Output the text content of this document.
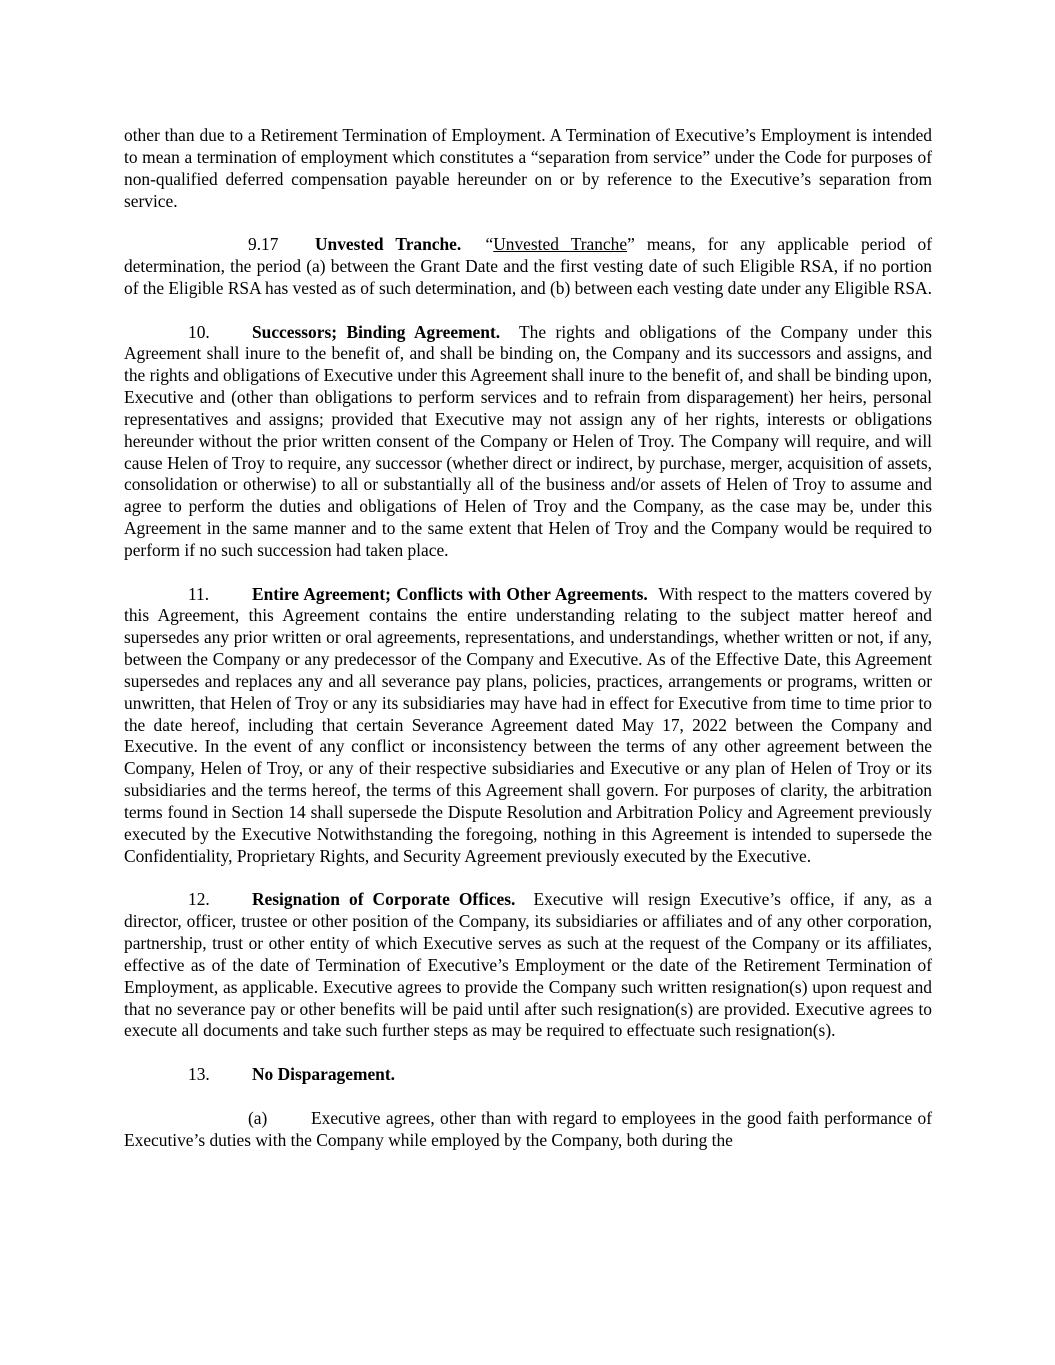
other than due to a Retirement Termination of Employment. A Termination of Executive’s Employment is intended to mean a termination of employment which constitutes a “separation from service” under the Code for purposes of non-qualified deferred compensation payable hereunder on or by reference to the Executive’s separation from service.

9.17 Unvested Tranche. “Unvested Tranche” means, for any applicable period of determination, the period (a) between the Grant Date and the first vesting date of such Eligible RSA, if no portion of the Eligible RSA has vested as of such determination, and (b) between each vesting date under any Eligible RSA.

10. Successors; Binding Agreement. The rights and obligations of the Company under this Agreement shall inure to the benefit of, and shall be binding on, the Company and its successors and assigns, and the rights and obligations of Executive under this Agreement shall inure to the benefit of, and shall be binding upon, Executive and (other than obligations to perform services and to refrain from disparagement) her heirs, personal representatives and assigns; provided that Executive may not assign any of her rights, interests or obligations hereunder without the prior written consent of the Company or Helen of Troy. The Company will require, and will cause Helen of Troy to require, any successor (whether direct or indirect, by purchase, merger, acquisition of assets, consolidation or otherwise) to all or substantially all of the business and/or assets of Helen of Troy to assume and agree to perform the duties and obligations of Helen of Troy and the Company, as the case may be, under this Agreement in the same manner and to the same extent that Helen of Troy and the Company would be required to perform if no such succession had taken place.

11. Entire Agreement; Conflicts with Other Agreements. With respect to the matters covered by this Agreement, this Agreement contains the entire understanding relating to the subject matter hereof and supersedes any prior written or oral agreements, representations, and understandings, whether written or not, if any, between the Company or any predecessor of the Company and Executive. As of the Effective Date, this Agreement supersedes and replaces any and all severance pay plans, policies, practices, arrangements or programs, written or unwritten, that Helen of Troy or any its subsidiaries may have had in effect for Executive from time to time prior to the date hereof, including that certain Severance Agreement dated May 17, 2022 between the Company and Executive. In the event of any conflict or inconsistency between the terms of any other agreement between the Company, Helen of Troy, or any of their respective subsidiaries and Executive or any plan of Helen of Troy or its subsidiaries and the terms hereof, the terms of this Agreement shall govern. For purposes of clarity, the arbitration terms found in Section 14 shall supersede the Dispute Resolution and Arbitration Policy and Agreement previously executed by the Executive Notwithstanding the foregoing, nothing in this Agreement is intended to supersede the Confidentiality, Proprietary Rights, and Security Agreement previously executed by the Executive.

12. Resignation of Corporate Offices. Executive will resign Executive’s office, if any, as a director, officer, trustee or other position of the Company, its subsidiaries or affiliates and of any other corporation, partnership, trust or other entity of which Executive serves as such at the request of the Company or its affiliates, effective as of the date of Termination of Executive’s Employment or the date of the Retirement Termination of Employment, as applicable. Executive agrees to provide the Company such written resignation(s) upon request and that no severance pay or other benefits will be paid until after such resignation(s) are provided. Executive agrees to execute all documents and take such further steps as may be required to effectuate such resignation(s).

13. No Disparagement.

(a)	Executive agrees, other than with regard to employees in the good faith performance of Executive’s duties with the Company while employed by the Company, both during the
